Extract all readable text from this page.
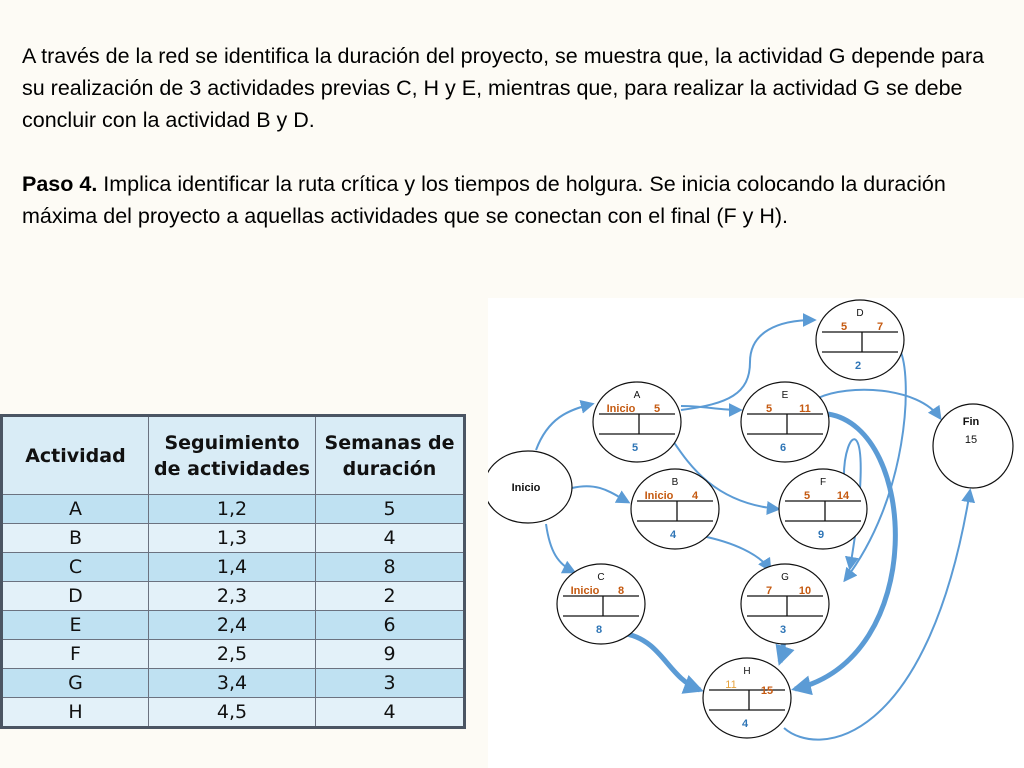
A través de la red se identifica la duración del proyecto, se muestra que, la actividad G depende para su realización de 3 actividades previas C, H y E, mientras que, para realizar la actividad G se debe concluir con la actividad B y D.

Paso 4. Implica identificar la ruta crítica y los tiempos de holgura. Se inicia colocando la duración máxima del proyecto a aquellas actividades que se conectan con el final (F y H).

Inicio
Fin
15
D
5	7
2
A
Inicio 5
5
E
5 11
6
B
Inicio 4
4
F
5 14
9
C
Inicio 8
8
G
7 10
3
H
11 15
4
Actividad	Seguimiento de actividades	Semanas de duración
A	1,2	5
B	1,3	4
C	1,4	8
D	2,3	2
E	2,4	6
F	2,5	9
G	3,4	3
H	4,5	4
